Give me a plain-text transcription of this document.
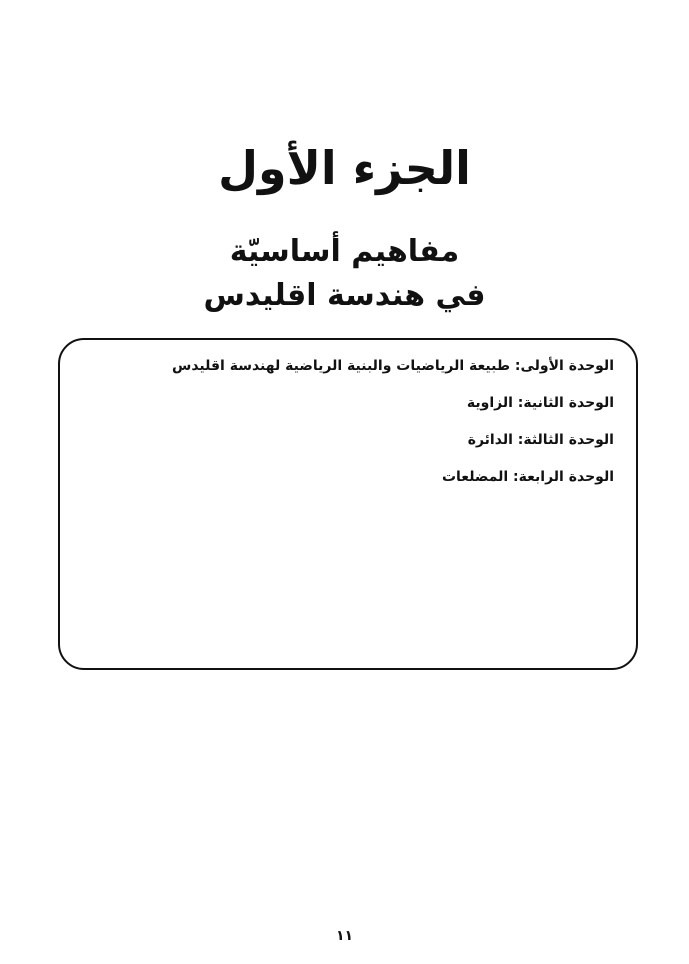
الجزء الأول
مفاهيم أساسيّة
في هندسة اقليدس
الوحدة الأولى: طبيعة الرياضيات والبنية الرياضية لهندسة اقليدس
الوحدة الثانية: الزاوية
الوحدة الثالثة: الدائرة
الوحدة الرابعة: المضلعات
١١
